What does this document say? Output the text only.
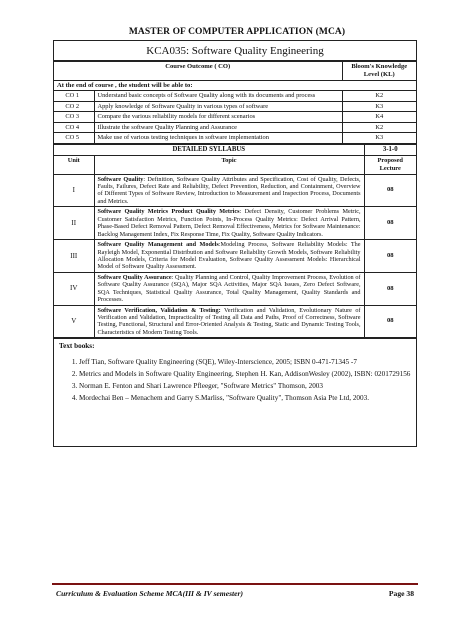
MASTER OF COMPUTER APPLICATION (MCA)
KCA035: Software Quality Engineering
Course Outcome ( CO)		Bloom's Knowledge Level (KL)
At the end of course , the student will be able to:		
CO 1	Understand basic concepts of Software Quality along with its documents and process	K2
CO 2	Apply knowledge of Software Quality in various types of software	K3
CO 3	Compare the various reliability models for different scenarios	K4
CO 4	Illustrate the software Quality Planning and Assurance	K2
CO 5	Make use of various testing techniques in software implementation	K3
DETAILED SYLLABUS		3-1-0
Unit	Topic	Proposed Lecture
I	Software Quality: Definition, Software Quality Attributes and Specification, Cost of Quality, Defects, Faults, Failures, Defect Rate and Reliability, Defect Prevention, Reduction, and Containment, Overview of Different Types of Software Review, Introduction to Measurement and Inspection Process, Documents and Metrics.	08
II	Software Quality Metrics Product Quality Metrics: Defect Density, Customer Problems Metric, Customer Satisfaction Metrics, Function Points, In-Process Quality Metrics: Defect Arrival Pattern, Phase-Based Defect Removal Pattern, Defect Removal Effectiveness, Metrics for Software Maintenance: Backlog Management Index, Fix Response Time, Fix Quality, Software Quality Indicators.	08
III	Software Quality Management and Models:Modeling Process, Software Reliability Models: The Rayleigh Model, Exponential Distribution and Software Reliability Growth Models, Software Reliability Allocation Models, Criteria for Model Evaluation, Software Quality Assessment Models: Hierarchical Model of Software Quality Assessment.	08
IV	Software Quality Assurance: Quality Planning and Control, Quality Improvement Process, Evolution of Software Quality Assurance (SQA), Major SQA Activities, Major SQA Issues, Zero Defect Software, SQA Techniques, Statistical Quality Assurance, Total Quality Management, Quality Standards and Processes.	08
V	Software Verification, Validation & Testing: Verification and Validation, Evolutionary Nature of Verification and Validation, Impracticality of Testing all Data and Paths, Proof of Correctness, Software Testing, Functional, Structural and Error-Oriented Analysis & Testing, Static and Dynamic Testing Tools, Characteristics of Modern Testing Tools.	08
Text books:
1. Jeff Tian, Software Quality Engineering (SQE), Wiley-Interscience, 2005; ISBN 0-471-71345 -7
2. Metrics and Models in Software Quality Engineering, Stephen H. Kan, AddisonWesley (2002), ISBN: 0201729156
3. Norman E. Fenton and Shari Lawrence Pfleeger, "Software Metrics" Thomson, 2003
4. Mordechai Ben – Menachem and Garry S.Marliss, "Software Quality", Thomson Asia Pte Ltd, 2003.
Curriculum & Evaluation Scheme MCA(III & IV semester)	Page 38
